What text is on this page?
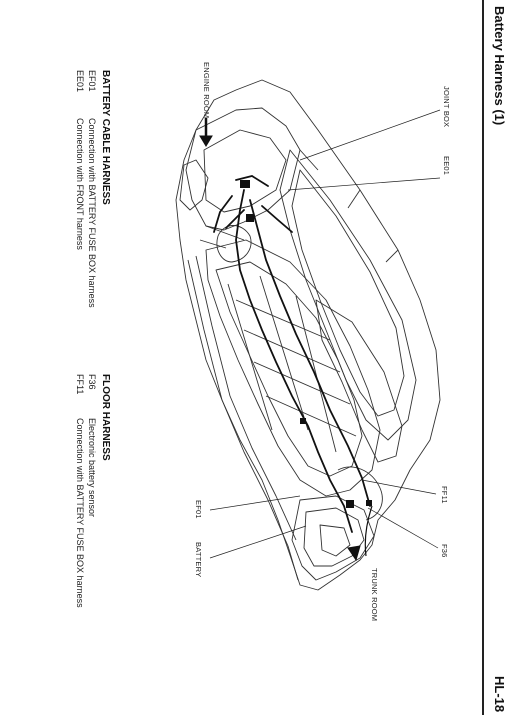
Battery Harness (1)
HL-18
JOINT BOX
EE01
ENGINE ROOM
EF01
BATTERY
FF11
F36
TRUNK ROOM
BATTERY CABLE HARNESS
EF01
Connection with BATTERY FUSE BOX harness
EE01
Connection with FRONT harness
FLOOR HARNESS
F36
Electronic battery sensor
FF11
Connection with BATTERY FUSE BOX harness
